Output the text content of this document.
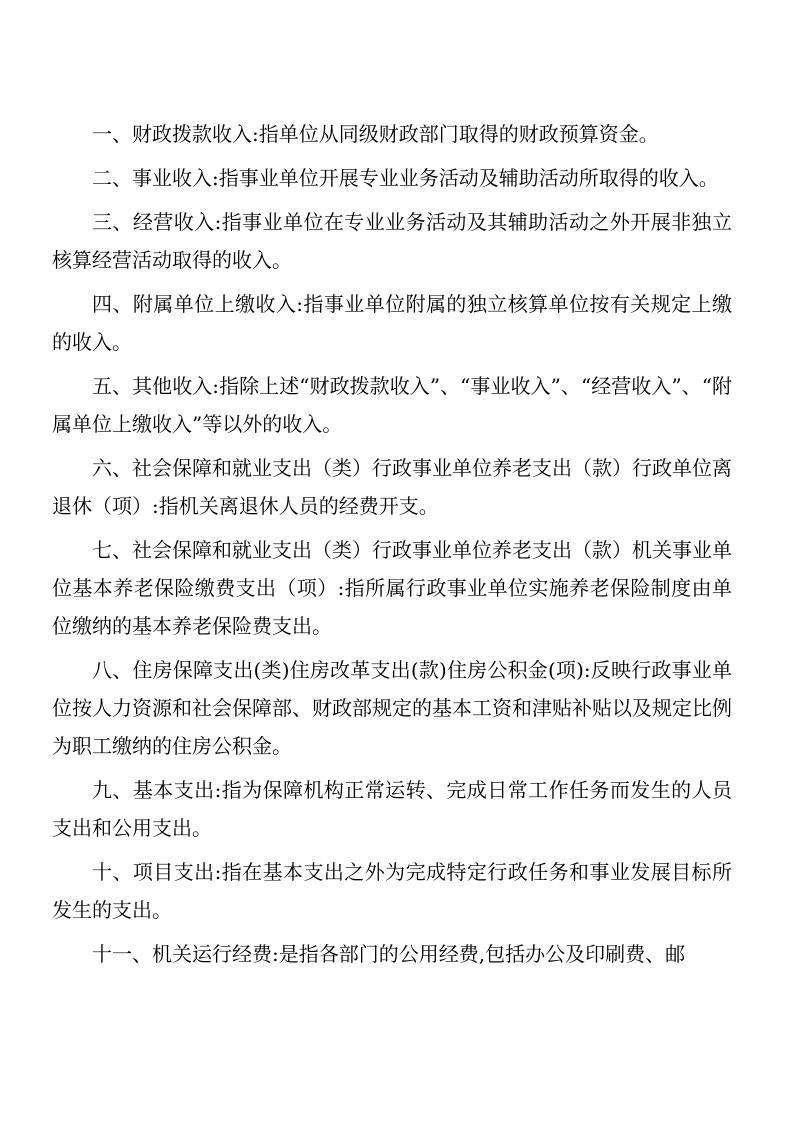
一、财政拨款收入:指单位从同级财政部门取得的财政预算资金。

二、事业收入:指事业单位开展专业业务活动及辅助活动所取得的收入。

三、经营收入:指事业单位在专业业务活动及其辅助活动之外开展非独立核算经营活动取得的收入。

四、附属单位上缴收入:指事业单位附属的独立核算单位按有关规定上缴的收入。

五、其他收入:指除上述“财政拨款收入”、“事业收入”、“经营收入”、“附属单位上缴收入”等以外的收入。

六、社会保障和就业支出（类）行政事业单位养老支出（款）行政单位离退休（项）:指机关离退休人员的经费开支。

七、社会保障和就业支出（类）行政事业单位养老支出（款）机关事业单位基本养老保险缴费支出（项）:指所属行政事业单位实施养老保险制度由单位缴纳的基本养老保险费支出。

八、住房保障支出(类)住房改革支出(款)住房公积金(项):反映行政事业单位按人力资源和社会保障部、财政部规定的基本工资和津贴补贴以及规定比例为职工缴纳的住房公积金。

九、基本支出:指为保障机构正常运转、完成日常工作任务而发生的人员支出和公用支出。

十、项目支出:指在基本支出之外为完成特定行政任务和事业发展目标所发生的支出。

十一、机关运行经费:是指各部门的公用经费,包括办公及印刷费、邮
